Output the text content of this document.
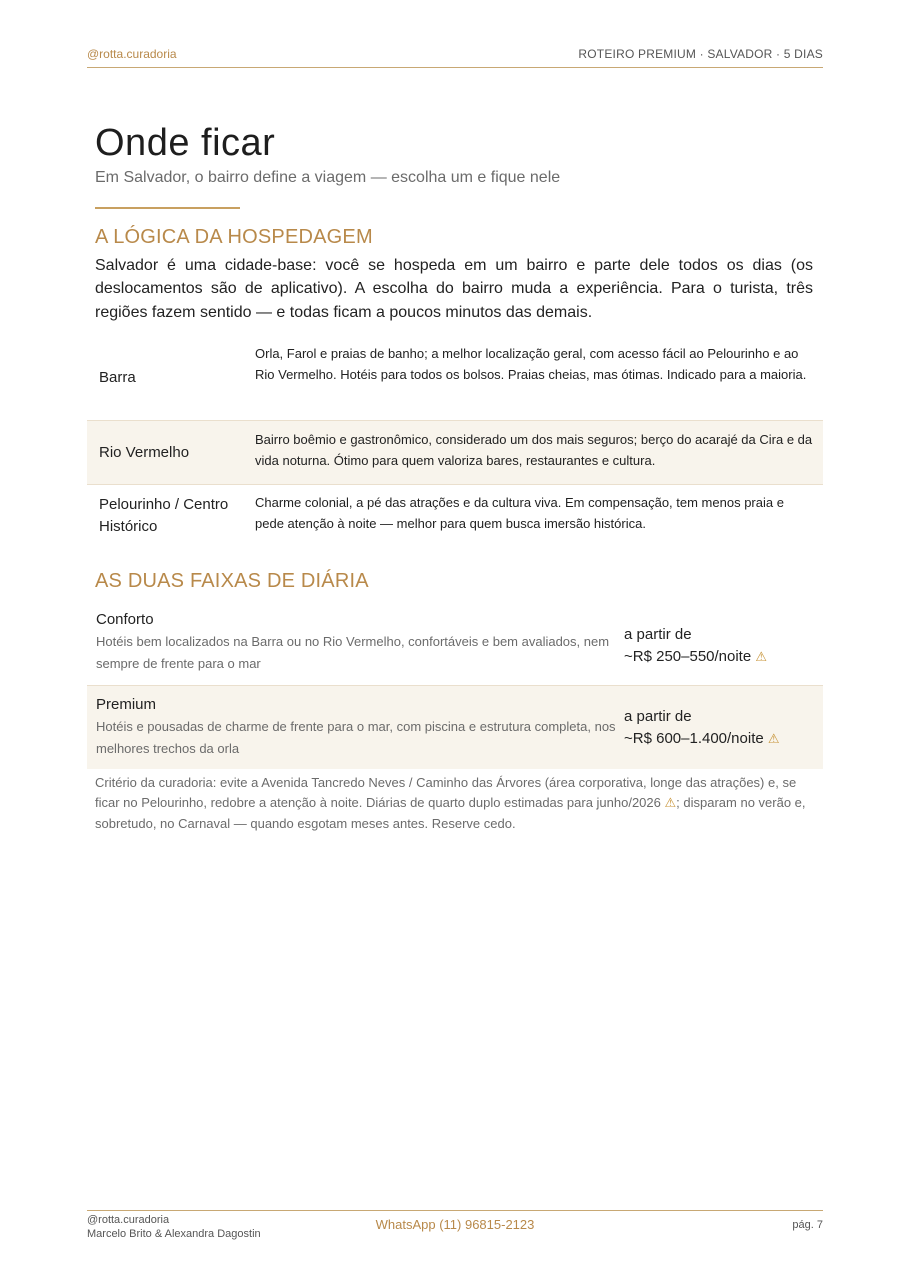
@rotta.curadoria	ROTEIRO PREMIUM · SALVADOR · 5 DIAS
Onde ficar
Em Salvador, o bairro define a viagem — escolha um e fique nele
A LÓGICA DA HOSPEDAGEM

Salvador é uma cidade-base: você se hospeda em um bairro e parte dele todos os dias (os deslocamentos são de aplicativo). A escolha do bairro muda a experiência. Para o turista, três regiões fazem sentido — e todas ficam a poucos minutos das demais.

Barra
Orla, Farol e praias de banho; a melhor localização geral, com acesso fácil ao Pelourinho e ao Rio Vermelho. Hotéis para todos os bolsos. Praias cheias, mas ótimas. Indicado para a maioria.
Rio Vermelho
Bairro boêmio e gastronômico, considerado um dos mais seguros; berço do acarajé da Cira e da vida noturna. Ótimo para quem valoriza bares, restaurantes e cultura.
Pelourinho / Centro Histórico
Charme colonial, a pé das atrações e da cultura viva. Em compensação, tem menos praia e pede atenção à noite — melhor para quem busca imersão histórica.
AS DUAS FAIXAS DE DIÁRIA
Conforto
Hotéis bem localizados na Barra ou no Rio Vermelho, confortáveis e bem avaliados, nem sempre de frente para o mar
a partir de
~R$ 250–550/noite ⚠
Premium
Hotéis e pousadas de charme de frente para o mar, com piscina e estrutura completa, nos melhores trechos da orla
a partir de
~R$ 600–1.400/noite ⚠

Critério da curadoria: evite a Avenida Tancredo Neves / Caminho das Árvores (área corporativa, longe das atrações) e, se ficar no Pelourinho, redobre a atenção à noite. Diárias de quarto duplo estimadas para junho/2026 ⚠; disparam no verão e, sobretudo, no Carnaval — quando esgotam meses antes. Reserve cedo.

@rotta.curadoria
Marcelo Brito & Alexandra Dagostin
WhatsApp (11) 96815-2123	pág. 7
